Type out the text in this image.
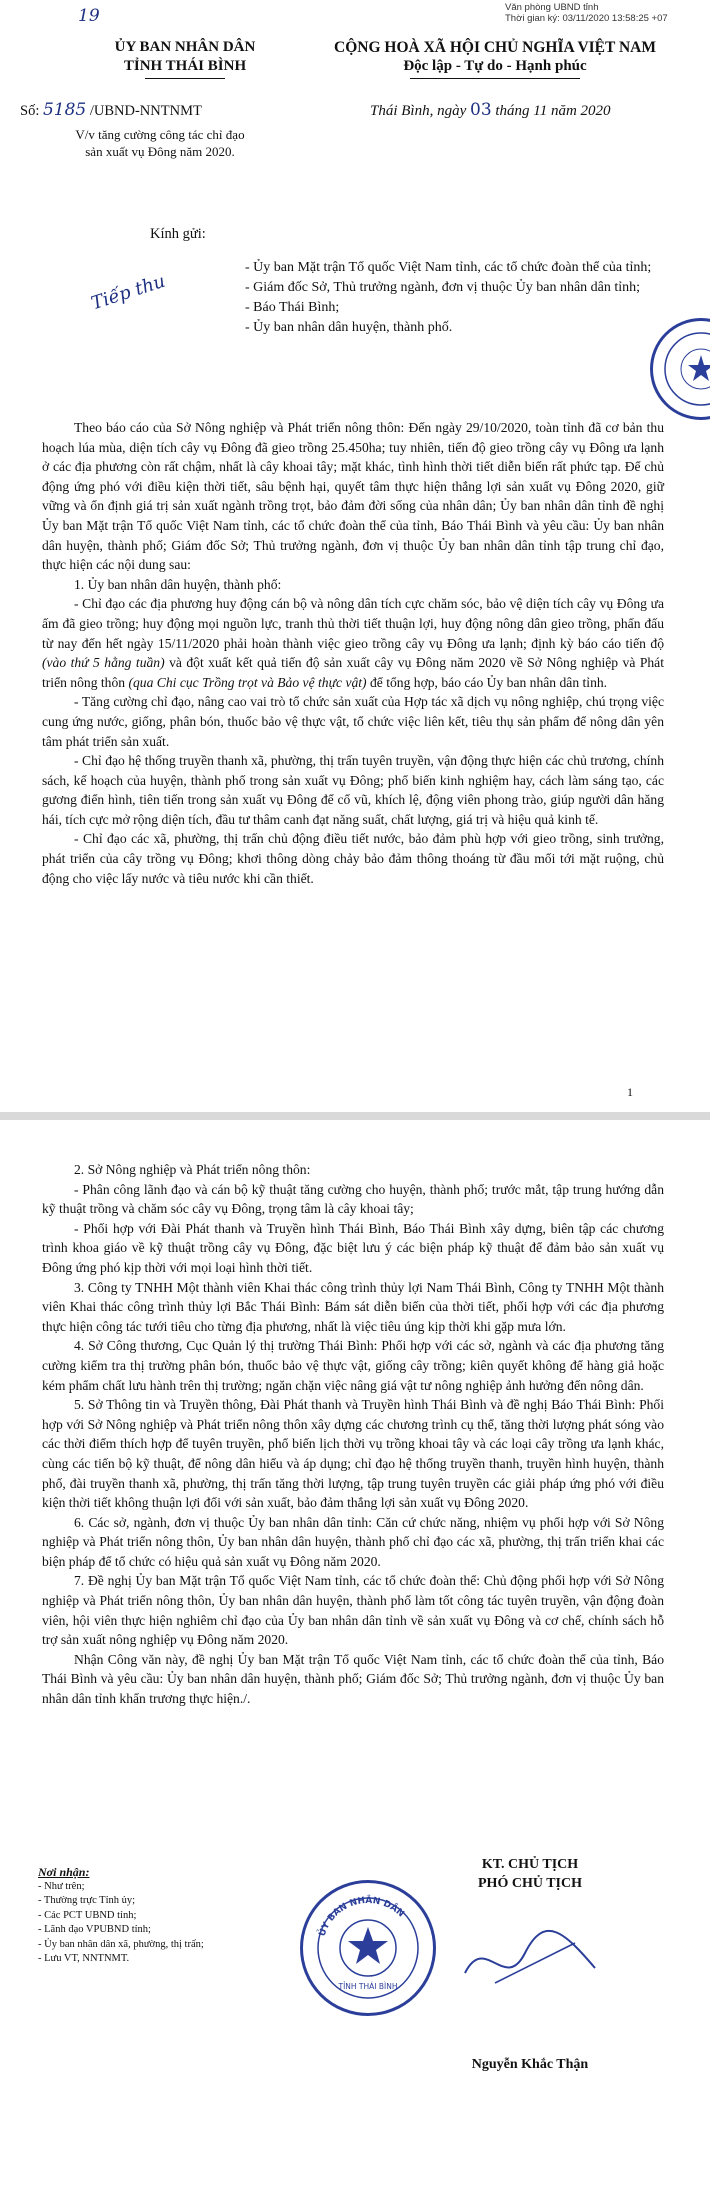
Văn phòng UBND tỉnh
Thời gian ký: 03/11/2020 13:58:25 +07
19
ỦY BAN NHÂN DÂN
TỈNH THÁI BÌNH
CỘNG HOÀ XÃ HỘI CHỦ NGHĨA VIỆT NAM
Độc lập - Tự do - Hạnh phúc
Số: 5185 /UBND-NNTNMT
V/v tăng cường công tác chỉ đạo
sản xuất vụ Đông năm 2020.
Thái Bình, ngày 03 tháng 11 năm 2020
Kính gửi:
Tiếp thu
- Ủy ban Mặt trận Tổ quốc Việt Nam tỉnh, các tổ chức đoàn thể của tỉnh;
- Giám đốc Sở, Thủ trưởng ngành, đơn vị thuộc Ủy ban nhân dân tỉnh;
- Báo Thái Bình;
- Ủy ban nhân dân huyện, thành phố.

Theo báo cáo của Sở Nông nghiệp và Phát triển nông thôn: Đến ngày 29/10/2020, toàn tỉnh đã cơ bản thu hoạch lúa mùa, diện tích cây vụ Đông đã gieo trồng 25.450ha; tuy nhiên, tiến độ gieo trồng cây vụ Đông ưa lạnh ở các địa phương còn rất chậm, nhất là cây khoai tây; mặt khác, tình hình thời tiết diễn biến rất phức tạp. Để chủ động ứng phó với điều kiện thời tiết, sâu bệnh hại, quyết tâm thực hiện thắng lợi sản xuất vụ Đông 2020, giữ vững và ổn định giá trị sản xuất ngành trồng trọt, bảo đảm đời sống của nhân dân; Ủy ban nhân dân tỉnh đề nghị Ủy ban Mặt trận Tổ quốc Việt Nam tỉnh, các tổ chức đoàn thể của tỉnh, Báo Thái Bình và yêu cầu: Ủy ban nhân dân huyện, thành phố; Giám đốc Sở; Thủ trưởng ngành, đơn vị thuộc Ủy ban nhân dân tỉnh tập trung chỉ đạo, thực hiện các nội dung sau:

1. Ủy ban nhân dân huyện, thành phố:

- Chỉ đạo các địa phương huy động cán bộ và nông dân tích cực chăm sóc, bảo vệ diện tích cây vụ Đông ưa ấm đã gieo trồng; huy động mọi nguồn lực, tranh thủ thời tiết thuận lợi, huy động nông dân gieo trồng, phấn đấu từ nay đến hết ngày 15/11/2020 phải hoàn thành việc gieo trồng cây vụ Đông ưa lạnh; định kỳ báo cáo tiến độ (vào thứ 5 hằng tuần) và đột xuất kết quả tiến độ sản xuất cây vụ Đông năm 2020 về Sở Nông nghiệp và Phát triển nông thôn (qua Chi cục Trồng trọt và Bảo vệ thực vật) để tổng hợp, báo cáo Ủy ban nhân dân tỉnh.

- Tăng cường chỉ đạo, nâng cao vai trò tổ chức sản xuất của Hợp tác xã dịch vụ nông nghiệp, chú trọng việc cung ứng nước, giống, phân bón, thuốc bảo vệ thực vật, tổ chức việc liên kết, tiêu thụ sản phẩm để nông dân yên tâm phát triển sản xuất.

- Chỉ đạo hệ thống truyền thanh xã, phường, thị trấn tuyên truyền, vận động thực hiện các chủ trương, chính sách, kế hoạch của huyện, thành phố trong sản xuất vụ Đông; phổ biến kinh nghiệm hay, cách làm sáng tạo, các gương điển hình, tiên tiến trong sản xuất vụ Đông để cổ vũ, khích lệ, động viên phong trào, giúp người dân hăng hái, tích cực mở rộng diện tích, đầu tư thâm canh đạt năng suất, chất lượng, giá trị và hiệu quả kinh tế.

- Chỉ đạo các xã, phường, thị trấn chủ động điều tiết nước, bảo đảm phù hợp với gieo trồng, sinh trưởng, phát triển của cây trồng vụ Đông; khơi thông dòng chảy bảo đảm thông thoáng từ đầu mối tới mặt ruộng, chủ động cho việc lấy nước và tiêu nước khi cần thiết.

1

2. Sở Nông nghiệp và Phát triển nông thôn:

- Phân công lãnh đạo và cán bộ kỹ thuật tăng cường cho huyện, thành phố; trước mắt, tập trung hướng dẫn kỹ thuật trồng và chăm sóc cây vụ Đông, trọng tâm là cây khoai tây;

- Phối hợp với Đài Phát thanh và Truyền hình Thái Bình, Báo Thái Bình xây dựng, biên tập các chương trình khoa giáo về kỹ thuật trồng cây vụ Đông, đặc biệt lưu ý các biện pháp kỹ thuật để đảm bảo sản xuất vụ Đông ứng phó kịp thời với mọi loại hình thời tiết.

3. Công ty TNHH Một thành viên Khai thác công trình thủy lợi Nam Thái Bình, Công ty TNHH Một thành viên Khai thác công trình thủy lợi Bắc Thái Bình: Bám sát diễn biến của thời tiết, phối hợp với các địa phương thực hiện công tác tưới tiêu cho từng địa phương, nhất là việc tiêu úng kịp thời khi gặp mưa lớn.

4. Sở Công thương, Cục Quản lý thị trường Thái Bình: Phối hợp với các sở, ngành và các địa phương tăng cường kiểm tra thị trường phân bón, thuốc bảo vệ thực vật, giống cây trồng; kiên quyết không để hàng giả hoặc kém phẩm chất lưu hành trên thị trường; ngăn chặn việc nâng giá vật tư nông nghiệp ảnh hưởng đến nông dân.

5. Sở Thông tin và Truyền thông, Đài Phát thanh và Truyền hình Thái Bình và đề nghị Báo Thái Bình: Phối hợp với Sở Nông nghiệp và Phát triển nông thôn xây dựng các chương trình cụ thể, tăng thời lượng phát sóng vào các thời điểm thích hợp để tuyên truyền, phổ biến lịch thời vụ trồng khoai tây và các loại cây trồng ưa lạnh khác, cùng các tiến bộ kỹ thuật, để nông dân hiểu và áp dụng; chỉ đạo hệ thống truyền thanh, truyền hình huyện, thành phố, đài truyền thanh xã, phường, thị trấn tăng thời lượng, tập trung tuyên truyền các giải pháp ứng phó với điều kiện thời tiết không thuận lợi đối với sản xuất, bảo đảm thắng lợi sản xuất vụ Đông 2020.

6. Các sở, ngành, đơn vị thuộc Ủy ban nhân dân tỉnh: Căn cứ chức năng, nhiệm vụ phối hợp với Sở Nông nghiệp và Phát triển nông thôn, Ủy ban nhân dân huyện, thành phố chỉ đạo các xã, phường, thị trấn triển khai các biện pháp để tổ chức có hiệu quả sản xuất vụ Đông năm 2020.

7. Đề nghị Ủy ban Mặt trận Tổ quốc Việt Nam tỉnh, các tổ chức đoàn thể: Chủ động phối hợp với Sở Nông nghiệp và Phát triển nông thôn, Ủy ban nhân dân huyện, thành phố làm tốt công tác tuyên truyền, vận động đoàn viên, hội viên thực hiện nghiêm chỉ đạo của Ủy ban nhân dân tỉnh về sản xuất vụ Đông và cơ chế, chính sách hỗ trợ sản xuất nông nghiệp vụ Đông năm 2020.

Nhận Công văn này, đề nghị Ủy ban Mặt trận Tổ quốc Việt Nam tỉnh, các tổ chức đoàn thể của tỉnh, Báo Thái Bình và yêu cầu: Ủy ban nhân dân huyện, thành phố; Giám đốc Sở; Thủ trưởng ngành, đơn vị thuộc Ủy ban nhân dân tỉnh khẩn trương thực hiện./.

Nơi nhận:
- Như trên;
- Thường trực Tỉnh ủy;
- Các PCT UBND tỉnh;
- Lãnh đạo VPUBND tỉnh;
- Ủy ban nhân dân xã, phường, thị trấn;
- Lưu VT, NNTNMT.
ỦY BAN NHÂN DÂN
TỈNH THÁI BÌNH
KT. CHỦ TỊCH
PHÓ CHỦ TỊCH
Nguyễn Khắc Thận
